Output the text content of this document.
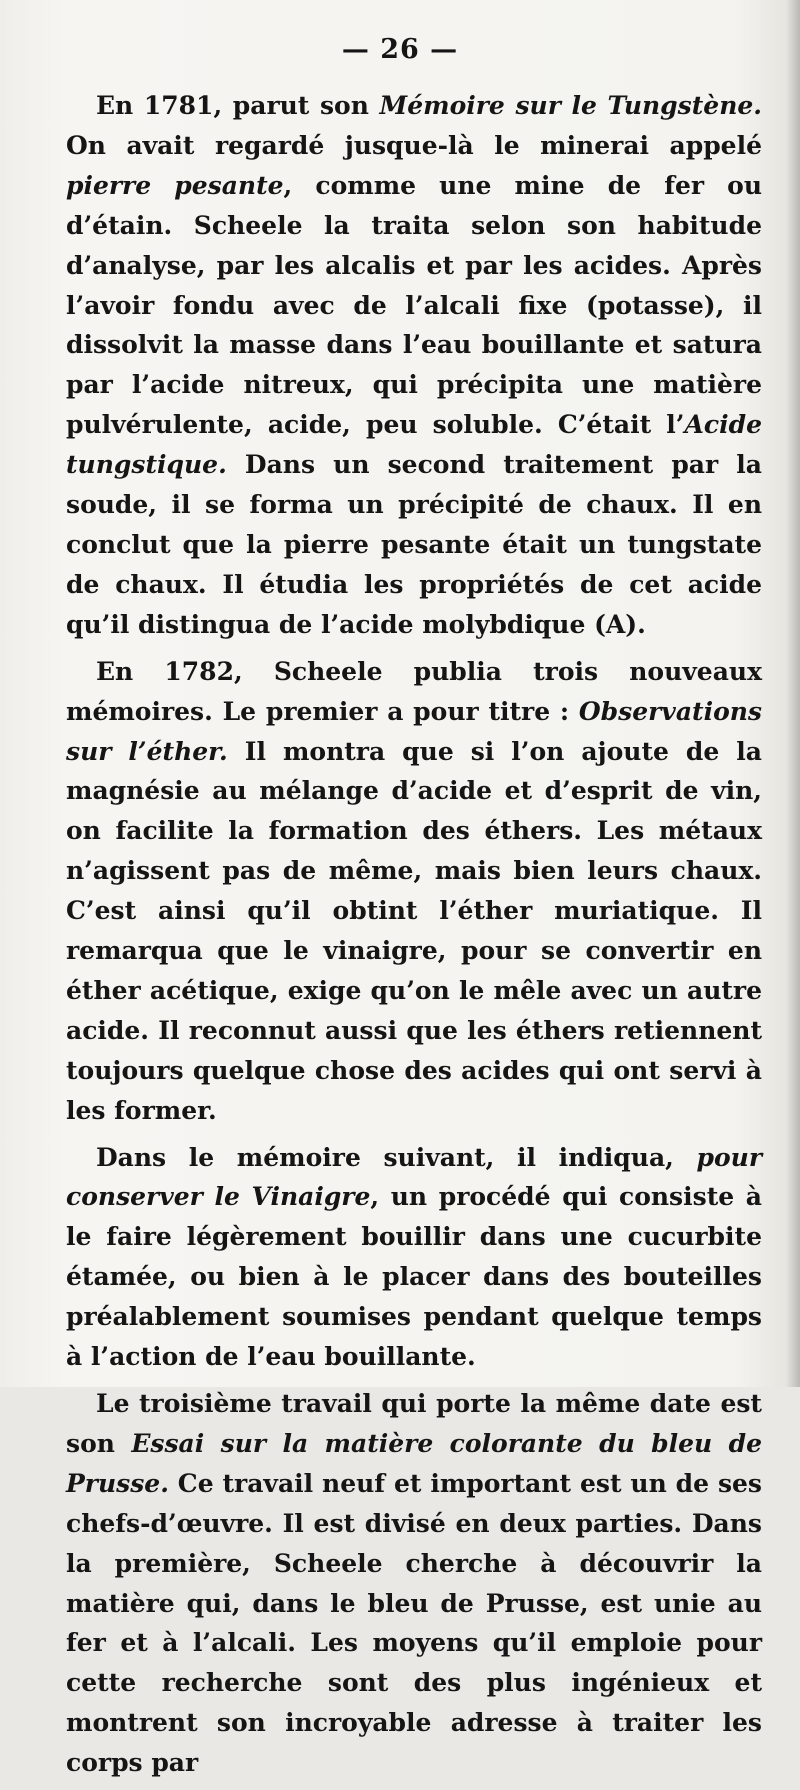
— 26 —

En 1781, parut son Mémoire sur le Tungstène. On avait regardé jusque-là le minerai appelé pierre pesante, comme une mine de fer ou d’étain. Scheele la traita selon son habitude d’analyse, par les alcalis et par les acides. Après l’avoir fondu avec de l’alcali fixe (potasse), il dissolvit la masse dans l’eau bouillante et satura par l’acide nitreux, qui précipita une matière pulvérulente, acide, peu soluble. C’était l’Acide tungstique. Dans un second traitement par la soude, il se forma un précipité de chaux. Il en conclut que la pierre pesante était un tungstate de chaux. Il étudia les propriétés de cet acide qu’il distingua de l’acide molybdique (A).

En 1782, Scheele publia trois nouveaux mémoires. Le premier a pour titre : Observations sur l’éther. Il montra que si l’on ajoute de la magnésie au mélange d’acide et d’esprit de vin, on facilite la formation des éthers. Les métaux n’agissent pas de même, mais bien leurs chaux. C’est ainsi qu’il obtint l’éther muriatique. Il remarqua que le vinaigre, pour se convertir en éther acétique, exige qu’on le mêle avec un autre acide. Il reconnut aussi que les éthers retiennent toujours quelque chose des acides qui ont servi à les former.

Dans le mémoire suivant, il indiqua, pour conserver le Vinaigre, un procédé qui consiste à le faire légèrement bouillir dans une cucurbite étamée, ou bien à le placer dans des bouteilles préalablement soumises pendant quelque temps à l’action de l’eau bouillante.

Le troisième travail qui porte la même date est son Essai sur la matière colorante du bleu de Prusse. Ce travail neuf et important est un de ses chefs-d’œuvre. Il est divisé en deux parties. Dans la première, Scheele cherche à découvrir la matière qui, dans le bleu de Prusse, est unie au fer et à l’alcali. Les moyens qu’il emploie pour cette recherche sont des plus ingénieux et montrent son incroyable adresse à traiter les corps par
